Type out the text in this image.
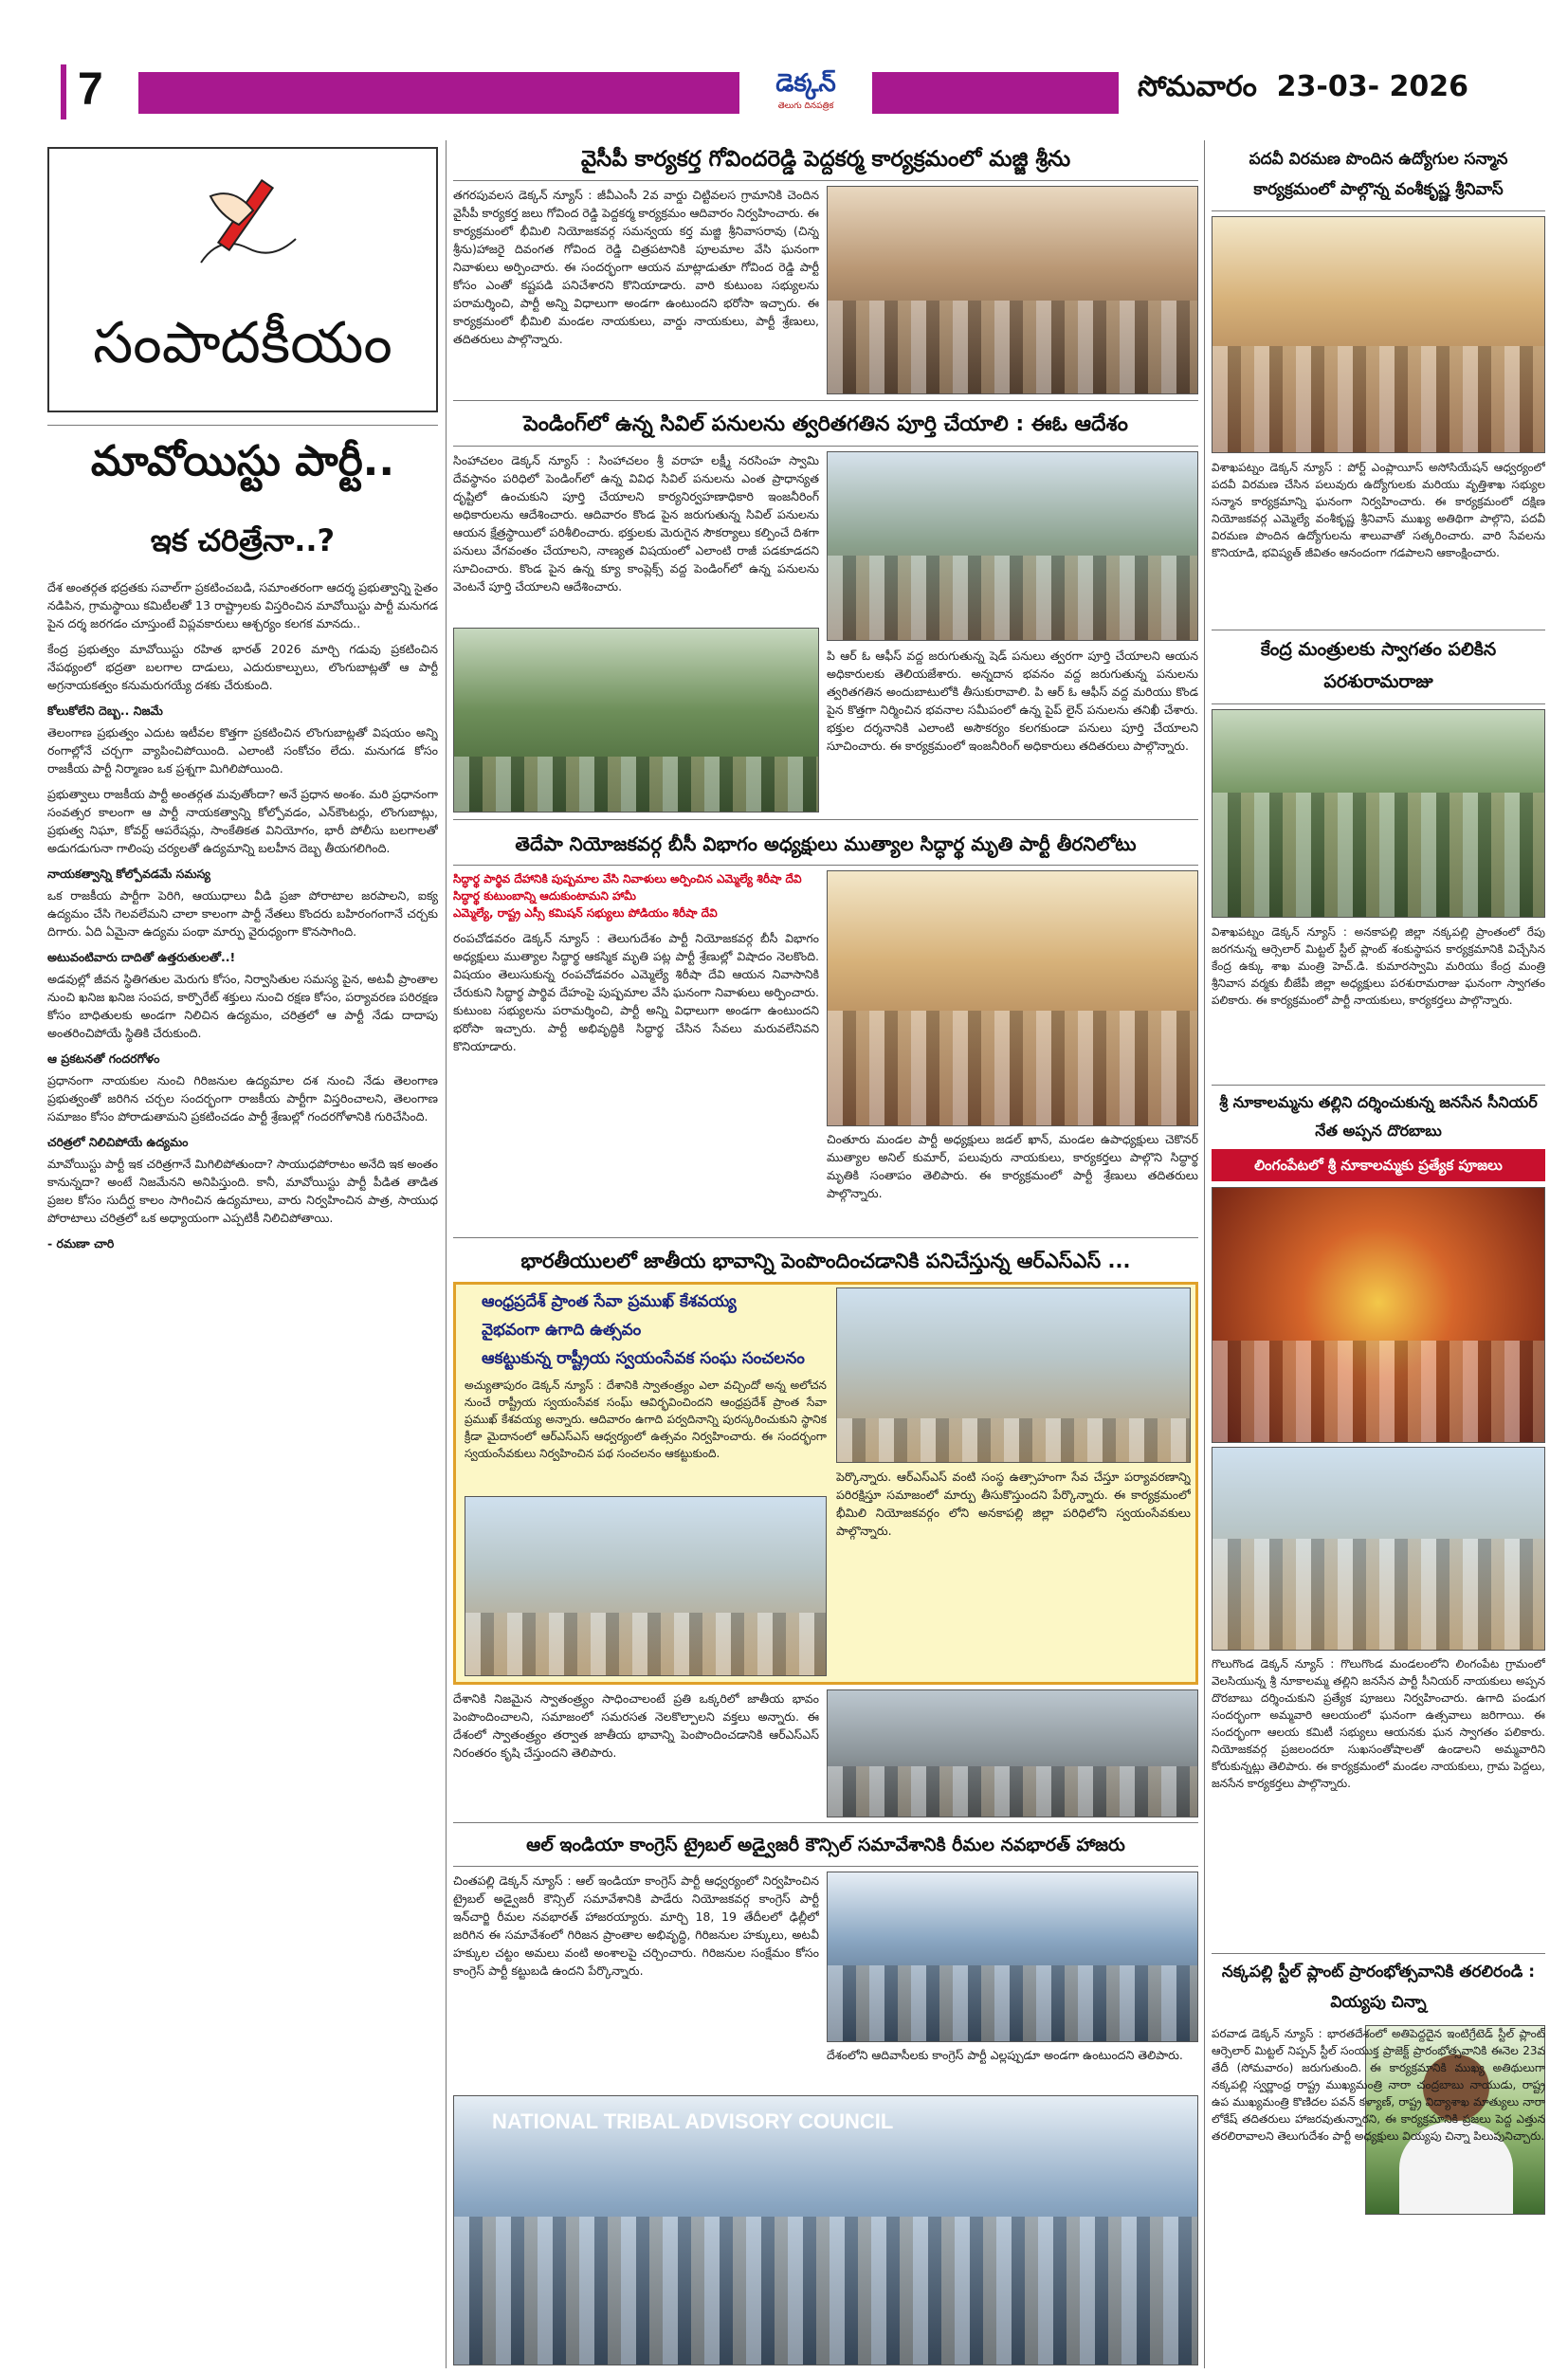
7	డెక్కన్
తెలుగు దినపత్రిక
సోమవారం  23-03- 2026
సంపాదకీయం
మావోయిస్టు పార్టీ..
ఇక చరిత్రేనా..?

దేశ అంతర్గత భద్రతకు సవాల్‌గా ప్రకటించబడి, సమాంతరంగా ఆదర్శ ప్రభుత్వాన్ని సైతం నడిపిన, గ్రామస్థాయి కమిటీలతో 13 రాష్ట్రాలకు విస్తరించిన మావోయిస్టు పార్టీ మనుగడ పైన దర్శ జరగడం చూస్తుంటే విప్లవకారులు ఆశ్చర్యం కలగక మానదు..

కేంద్ర ప్రభుత్వం మావోయిస్టు రహిత భారత్ 2026 మార్చి గడువు ప్రకటించిన నేపథ్యంలో భద్రతా బలగాల దాడులు, ఎదురుకాల్పులు, లొంగుబాట్లతో ఆ పార్టీ అగ్రనాయకత్వం కనుమరుగయ్యే దశకు చేరుకుంది.

కోలుకోలేని దెబ్బ.. నిజమే

తెలంగాణ ప్రభుత్వం ఎదుట ఇటీవల కొత్తగా ప్రకటించిన లొంగుబాట్లతో విషయం అన్ని రంగాల్లోనే చర్చగా వ్యాపించిపోయింది. ఎలాంటి సంకోచం లేదు. మనుగడ కోసం రాజకీయ పార్టీ నిర్మాణం ఒక ప్రశ్నగా మిగిలిపోయింది.

ప్రభుత్వాలు రాజకీయ పార్టీ అంతర్గత మవుతోందా? అనే ప్రధాన అంశం. మరి ప్రధానంగా సంవత్సర కాలంగా ఆ పార్టీ నాయకత్వాన్ని కోల్పోవడం, ఎన్‌కౌంటర్లు, లొంగుబాట్లు, ప్రభుత్వ నిఘా, కోవర్ట్ ఆపరేషన్లు, సాంకేతికత వినియోగం, భారీ పోలీసు బలగాలతో అడుగడుగునా గాలింపు చర్యలతో ఉద్యమాన్ని బలహీన దెబ్బ తీయగలిగింది.

నాయకత్వాన్ని కోల్పోవడమే సమస్య

ఒక రాజకీయ పార్టీగా పెరిగి, ఆయుధాలు వీడి ప్రజా పోరాటాల జరపాలని, ఐక్య ఉద్యమం చేసి గెలవలేమని చాలా కాలంగా పార్టీ నేతలు కొందరు బహిరంగంగానే చర్చకు దిగారు. ఏది ఏమైనా ఉద్యమ పంథా మార్పు వైరుధ్యంగా కొనసాగింది.

అటువంటివారు దాదితో ఉత్తరుతులతో..!

అడవుల్లో జీవన స్థితిగతుల మెరుగు కోసం, నిర్వాసితుల సమస్య పైన, అటవీ ప్రాంతాల నుంచి ఖనిజ ఖనిజ సంపద, కార్పొరేట్ శక్తులు నుంచి రక్షణ కోసం, పర్యావరణ పరిరక్షణ కోసం బాధితులకు అండగా నిలిచిన ఉద్యమం, చరిత్రలో ఆ పార్టీ నేడు దాదాపు అంతరించిపోయే స్థితికి చేరుకుంది.

ఆ ప్రకటనతో గందరగోళం

ప్రధానంగా నాయకుల నుంచి గిరిజనుల ఉద్యమాల దశ నుంచి నేడు తెలంగాణ ప్రభుత్వంతో జరిగిన చర్చల సందర్భంగా రాజకీయ పార్టీగా విస్తరించాలని, తెలంగాణ సమాజం కోసం పోరాడుతామని ప్రకటించడం పార్టీ శ్రేణుల్లో గందరగోళానికి గురిచేసింది.

చరిత్రలో నిలిచిపోయే ఉద్యమం

మావోయిస్టు పార్టీ ఇక చరిత్రగానే మిగిలిపోతుందా? సాయుధపోరాటం అనేది ఇక అంతం కానున్నదా? అంటే నిజమేనని అనిపిస్తుంది. కానీ, మావోయిస్టు పార్టీ పీడిత తాడిత ప్రజల కోసం సుదీర్ఘ కాలం సాగించిన ఉద్యమాలు, వారు నిర్వహించిన పాత్ర, సాయుధ పోరాటాలు చరిత్రలో ఒక అధ్యాయంగా ఎప్పటికీ నిలిచిపోతాయి.

- రమణా చారి

వైసీపీ కార్యకర్త గోవిందరెడ్డి పెద్దకర్మ కార్యక్రమంలో మజ్జి శ్రీను
తగరపువలస డెక్కన్ న్యూస్ : జీవీఎంసీ 2వ వార్డు చిట్టివలస గ్రామానికి చెందిన వైసీపీ కార్యకర్త జలు గోవింద రెడ్డి పెద్దకర్మ కార్యక్రమం ఆదివారం నిర్వహించారు. ఈ కార్యక్రమంలో భీమిలి నియోజకవర్గ సమన్వయ కర్త మజ్జి శ్రీనివాసరావు (చిన్న శ్రీను)హాజరై దివంగత గోవింద రెడ్డి చిత్రపటానికి పూలమాల వేసి ఘనంగా నివాళులు అర్పించారు. ఈ సందర్భంగా ఆయన మాట్లాడుతూ గోవింద రెడ్డి పార్టీ కోసం ఎంతో కష్టపడి పనిచేశారని కొనియాడారు. వారి కుటుంబ సభ్యులను పరామర్శించి, పార్టీ అన్ని విధాలుగా అండగా ఉంటుందని భరోసా ఇచ్చారు. ఈ కార్యక్రమంలో భీమిలి మండల నాయకులు, వార్డు నాయకులు, పార్టీ శ్రేణులు, తదితరులు పాల్గొన్నారు.
పెండింగ్‌లో ఉన్న సివిల్ పనులను త్వరితగతిన పూర్తి చేయాలి : ఈఓ ఆదేశం
సింహాచలం డెక్కన్ న్యూస్ : సింహాచలం శ్రీ వరాహ లక్ష్మీ నరసింహ స్వామి దేవస్థానం పరిధిలో పెండింగ్‌లో ఉన్న వివిధ సివిల్ పనులను ఎంత ప్రాధాన్యత దృష్టిలో ఉంచుకుని పూర్తి చేయాలని కార్యనిర్వహణాధికారి ఇంజనీరింగ్ అధికారులను ఆదేశించారు. ఆదివారం కొండ పైన జరుగుతున్న సివిల్ పనులను ఆయన క్షేత్రస్థాయిలో పరిశీలించారు. భక్తులకు మెరుగైన సౌకర్యాలు కల్పించే దిశగా పనులు వేగవంతం చేయాలని, నాణ్యత విషయంలో ఎలాంటి రాజీ పడకూడదని సూచించారు. కొండ పైన ఉన్న క్యూ కాంప్లెక్స్ వద్ద పెండింగ్‌లో ఉన్న పనులను వెంటనే పూర్తి చేయాలని ఆదేశించారు.
పి ఆర్ ఓ ఆఫీస్ వద్ద జరుగుతున్న షెడ్ పనులు త్వరగా పూర్తి చేయాలని ఆయన అధికారులకు తెలియజేశారు. అన్నదాన భవనం వద్ద జరుగుతున్న పనులను త్వరితగతిన అందుబాటులోకి తీసుకురావాలి. పి ఆర్ ఓ ఆఫీస్ వద్ద మరియు కొండ పైన కొత్తగా నిర్మించిన భవనాల సమీపంలో ఉన్న పైప్ లైన్ పనులను తనిఖీ చేశారు. భక్తుల దర్శనానికి ఎలాంటి అసౌకర్యం కలగకుండా పనులు పూర్తి చేయాలని సూచించారు. ఈ కార్యక్రమంలో ఇంజనీరింగ్ అధికారులు తదితరులు పాల్గొన్నారు.
తెదేపా నియోజకవర్గ బీసీ విభాగం అధ్యక్షులు ముత్యాల సిద్ధార్థ మృతి పార్టీ తీరనిలోటు
సిద్ధార్థ పార్థివ దేహానికి పుష్పమాల వేసి నివాళులు అర్పించిన ఎమ్మెల్యే శిరీషా దేవి
సిద్ధార్థ కుటుంబాన్ని ఆదుకుంటామని హామీ
ఎమ్మెల్యే, రాష్ట్ర ఎస్సీ కమిషన్ సభ్యులు పోడియం శిరీషా దేవి
రంపచోడవరం డెక్కన్ న్యూస్ : తెలుగుదేశం పార్టీ నియోజకవర్గ బీసీ విభాగం అధ్యక్షులు ముత్యాల సిద్ధార్థ ఆకస్మిక మృతి పట్ల పార్టీ శ్రేణుల్లో విషాదం నెలకొంది. విషయం తెలుసుకున్న రంపచోడవరం ఎమ్మెల్యే శిరీషా దేవి ఆయన నివాసానికి చేరుకుని సిద్ధార్థ పార్థివ దేహంపై పుష్పమాల వేసి ఘనంగా నివాళులు అర్పించారు. కుటుంబ సభ్యులను పరామర్శించి, పార్టీ అన్ని విధాలుగా అండగా ఉంటుందని భరోసా ఇచ్చారు. పార్టీ అభివృద్ధికి సిద్ధార్థ చేసిన సేవలు మరువలేనివని కొనియాడారు.
చింతూరు మండల పార్టీ అధ్యక్షులు జడల్ ఖాన్, మండల ఉపాధ్యక్షులు చెకొనర్ ముత్యాల అనిల్ కుమార్, పలువురు నాయకులు, కార్యకర్తలు పాల్గొని సిద్ధార్థ మృతికి సంతాపం తెలిపారు. ఈ కార్యక్రమంలో పార్టీ శ్రేణులు తదితరులు పాల్గొన్నారు.
భారతీయులలో జాతీయ భావాన్ని పెంపొందించడానికి పనిచేస్తున్న ఆర్ఎస్ఎస్ ...
ఆంధ్రప్రదేశ్ ప్రాంత సేవా ప్రముఖ్ కేశవయ్య
వైభవంగా ఉగాది ఉత్సవం
ఆకట్టుకున్న రాష్ట్రీయ స్వయంసేవక సంఘ సంచలనం
అచ్యుతాపురం డెక్కన్ న్యూస్ : దేశానికి స్వాతంత్ర్యం ఎలా వచ్చిందో అన్న అలోచన నుంచే రాష్ట్రీయ స్వయంసేవక సంఘ్ ఆవిర్భవించిందని ఆంధ్రప్రదేశ్ ప్రాంత సేవా ప్రముఖ్ కేశవయ్య అన్నారు. ఆదివారం ఉగాది పర్వదినాన్ని పురస్కరించుకుని స్థానిక క్రీడా మైదానంలో ఆర్ఎస్ఎస్ ఆధ్వర్యంలో ఉత్సవం నిర్వహించారు. ఈ సందర్భంగా స్వయంసేవకులు నిర్వహించిన పథ సంచలనం ఆకట్టుకుంది.
పెర్కొన్నారు. ఆర్ఎస్ఎస్ వంటి సంస్థ ఉత్సాహంగా సేవ చేస్తూ పర్యావరణాన్ని పరిరక్షిస్తూ సమాజంలో మార్పు తీసుకొస్తుందని పేర్కొన్నారు. ఈ కార్యక్రమంలో భీమిలి నియోజకవర్గం లోని అనకాపల్లి జిల్లా పరిధిలోని స్వయంసేవకులు పాల్గొన్నారు.
దేశానికి నిజమైన స్వాతంత్ర్యం సాధించాలంటే ప్రతి ఒక్కరిలో జాతీయ భావం పెంపొందించాలని, సమాజంలో సమరసత నెలకొల్పాలని వక్తలు అన్నారు. ఈ దేశంలో స్వాతంత్ర్యం తర్వాత జాతీయ భావాన్ని పెంపొందించడానికి ఆర్ఎస్ఎస్ నిరంతరం కృషి చేస్తుందని తెలిపారు.
ఆల్ ఇండియా కాంగ్రెస్ ట్రైబల్ అడ్వైజరీ కౌన్సిల్ సమావేశానికి రీమల నవభారత్ హాజరు
చింతపల్లి డెక్కన్ న్యూస్ : ఆల్ ఇండియా కాంగ్రెస్ పార్టీ ఆధ్వర్యంలో నిర్వహించిన ట్రైబల్ అడ్వైజరీ కౌన్సిల్ సమావేశానికి పాడేరు నియోజకవర్గ కాంగ్రెస్ పార్టీ ఇన్‌చార్జి రీమల నవభారత్ హాజరయ్యారు. మార్చి 18, 19 తేదీలలో ఢిల్లీలో జరిగిన ఈ సమావేశంలో గిరిజన ప్రాంతాల అభివృద్ధి, గిరిజనుల హక్కులు, అటవీ హక్కుల చట్టం అమలు వంటి అంశాలపై చర్చించారు. గిరిజనుల సంక్షేమం కోసం కాంగ్రెస్ పార్టీ కట్టుబడి ఉందని పేర్కొన్నారు.
దేశంలోని ఆదివాసీలకు కాంగ్రెస్ పార్టీ ఎల్లప్పుడూ అండగా ఉంటుందని తెలిపారు.
NATIONAL TRIBAL ADVISORY COUNCIL
పదవీ విరమణ పొందిన ఉద్యోగుల సన్మాన కార్యక్రమంలో పాల్గొన్న వంశీకృష్ణ శ్రీనివాస్
విశాఖపట్నం డెక్కన్ న్యూస్ : పోర్ట్ ఎంప్లాయీస్ అసోసియేషన్ ఆధ్వర్యంలో పదవీ విరమణ చేసిన పలువురు ఉద్యోగులకు మరియు వృత్తిశాఖ సభ్యుల సన్మాన కార్యక్రమాన్ని ఘనంగా నిర్వహించారు. ఈ కార్యక్రమంలో దక్షిణ నియోజకవర్గ ఎమ్మెల్యే వంశీకృష్ణ శ్రీనివాస్ ముఖ్య అతిథిగా పాల్గొని, పదవీ విరమణ పొందిన ఉద్యోగులను శాలువాతో సత్కరించారు. వారి సేవలను కొనియాడి, భవిష్యత్ జీవితం ఆనందంగా గడపాలని ఆకాంక్షించారు.
కేంద్ర మంత్రులకు స్వాగతం పలికిన పరశురామరాజు
విశాఖపట్నం డెక్కన్ న్యూస్ : అనకాపల్లి జిల్లా నక్కపల్లి ప్రాంతంలో రేపు జరగనున్న ఆర్సెలార్ మిట్టల్ స్టీల్ ప్లాంట్ శంకుస్థాపన కార్యక్రమానికి విచ్చేసిన కేంద్ర ఉక్కు శాఖ మంత్రి హెచ్.డి. కుమారస్వామి మరియు కేంద్ర మంత్రి శ్రీనివాస వర్మకు బీజేపీ జిల్లా అధ్యక్షులు పరశురామరాజు ఘనంగా స్వాగతం పలికారు. ఈ కార్యక్రమంలో పార్టీ నాయకులు, కార్యకర్తలు పాల్గొన్నారు.
శ్రీ నూకాలమ్మను తల్లిని దర్శించుకున్న జనసేన సీనియర్ నేత అప్పన దొరబాబు
లింగంపేటలో శ్రీ నూకాలమ్మకు ప్రత్యేక పూజలు
గొలుగొండ డెక్కన్ న్యూస్ : గొలుగొండ మండలంలోని లింగంపేట గ్రామంలో వెలసియున్న శ్రీ నూకాలమ్మ తల్లిని జనసేన పార్టీ సీనియర్ నాయకులు అప్పన దొరబాబు దర్శించుకుని ప్రత్యేక పూజలు నిర్వహించారు. ఉగాది పండుగ సందర్భంగా అమ్మవారి ఆలయంలో ఘనంగా ఉత్సవాలు జరిగాయి. ఈ సందర్భంగా ఆలయ కమిటీ సభ్యులు ఆయనకు ఘన స్వాగతం పలికారు. నియోజకవర్గ ప్రజలందరూ సుఖసంతోషాలతో ఉండాలని అమ్మవారిని కోరుకున్నట్లు తెలిపారు. ఈ కార్యక్రమంలో మండల నాయకులు, గ్రామ పెద్దలు, జనసేన కార్యకర్తలు పాల్గొన్నారు.
నక్కపల్లి స్టీల్ ప్లాంట్ ప్రారంభోత్సవానికి తరలిరండి : వియ్యపు చిన్నా
పరవాడ డెక్కన్ న్యూస్ : భారతదేశంలో అతిపెద్దదైన ఇంటిగ్రేటెడ్ స్టీల్ ప్లాంట్ ఆర్సెలార్ మిట్టల్ నిప్పన్ స్టీల్ సంయుక్త ప్రాజెక్ట్ ప్రారంభోత్సవానికి ఈనెల 23వ తేదీ (సోమవారం) జరుగుతుంది. ఈ కార్యక్రమానికి ముఖ్య అతిథులుగా నక్కపల్లి స్వర్ణాంధ్ర రాష్ట్ర ముఖ్యమంత్రి నారా చంద్రబాబు నాయుడు, రాష్ట్ర ఉప ముఖ్యమంత్రి కొణిదల పవన్ కళ్యాణ్, రాష్ట్ర విద్యాశాఖ మాత్యులు నారా లోకేష్ తదితరులు హాజరవుతున్నారని, ఈ కార్యక్రమానికి ప్రజలు పెద్ద ఎత్తున తరలిరావాలని తెలుగుదేశం పార్టీ అధ్యక్షులు వియ్యపు చిన్నా పిలుపునిచ్చారు.
